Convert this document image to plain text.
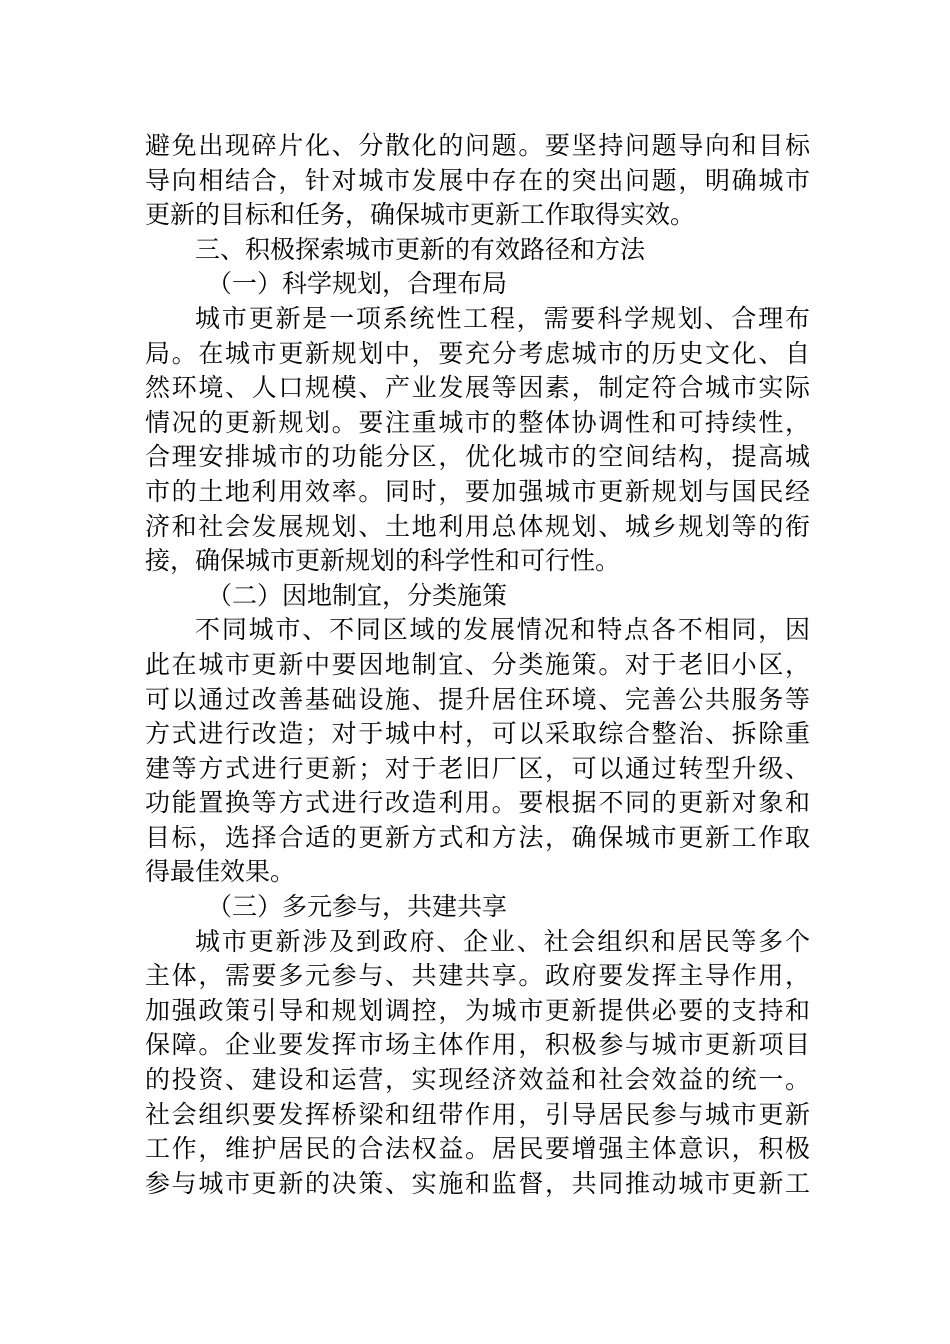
避免出现碎片化、分散化的问题。要坚持问题导向和目标
导向相结合，针对城市发展中存在的突出问题，明确城市
更新的目标和任务，确保城市更新工作取得实效。
三、积极探索城市更新的有效路径和方法
（一）科学规划，合理布局
城市更新是一项系统性工程，需要科学规划、合理布
局。在城市更新规划中，要充分考虑城市的历史文化、自
然环境、人口规模、产业发展等因素，制定符合城市实际
情况的更新规划。要注重城市的整体协调性和可持续性，
合理安排城市的功能分区，优化城市的空间结构，提高城
市的土地利用效率。同时，要加强城市更新规划与国民经
济和社会发展规划、土地利用总体规划、城乡规划等的衔
接，确保城市更新规划的科学性和可行性。
（二）因地制宜，分类施策
不同城市、不同区域的发展情况和特点各不相同，因
此在城市更新中要因地制宜、分类施策。对于老旧小区，
可以通过改善基础设施、提升居住环境、完善公共服务等
方式进行改造；对于城中村，可以采取综合整治、拆除重
建等方式进行更新；对于老旧厂区，可以通过转型升级、
功能置换等方式进行改造利用。要根据不同的更新对象和
目标，选择合适的更新方式和方法，确保城市更新工作取
得最佳效果。
（三）多元参与，共建共享
城市更新涉及到政府、企业、社会组织和居民等多个
主体，需要多元参与、共建共享。政府要发挥主导作用，
加强政策引导和规划调控，为城市更新提供必要的支持和
保障。企业要发挥市场主体作用，积极参与城市更新项目
的投资、建设和运营，实现经济效益和社会效益的统一。
社会组织要发挥桥梁和纽带作用，引导居民参与城市更新
工作，维护居民的合法权益。居民要增强主体意识，积极
参与城市更新的决策、实施和监督，共同推动城市更新工
